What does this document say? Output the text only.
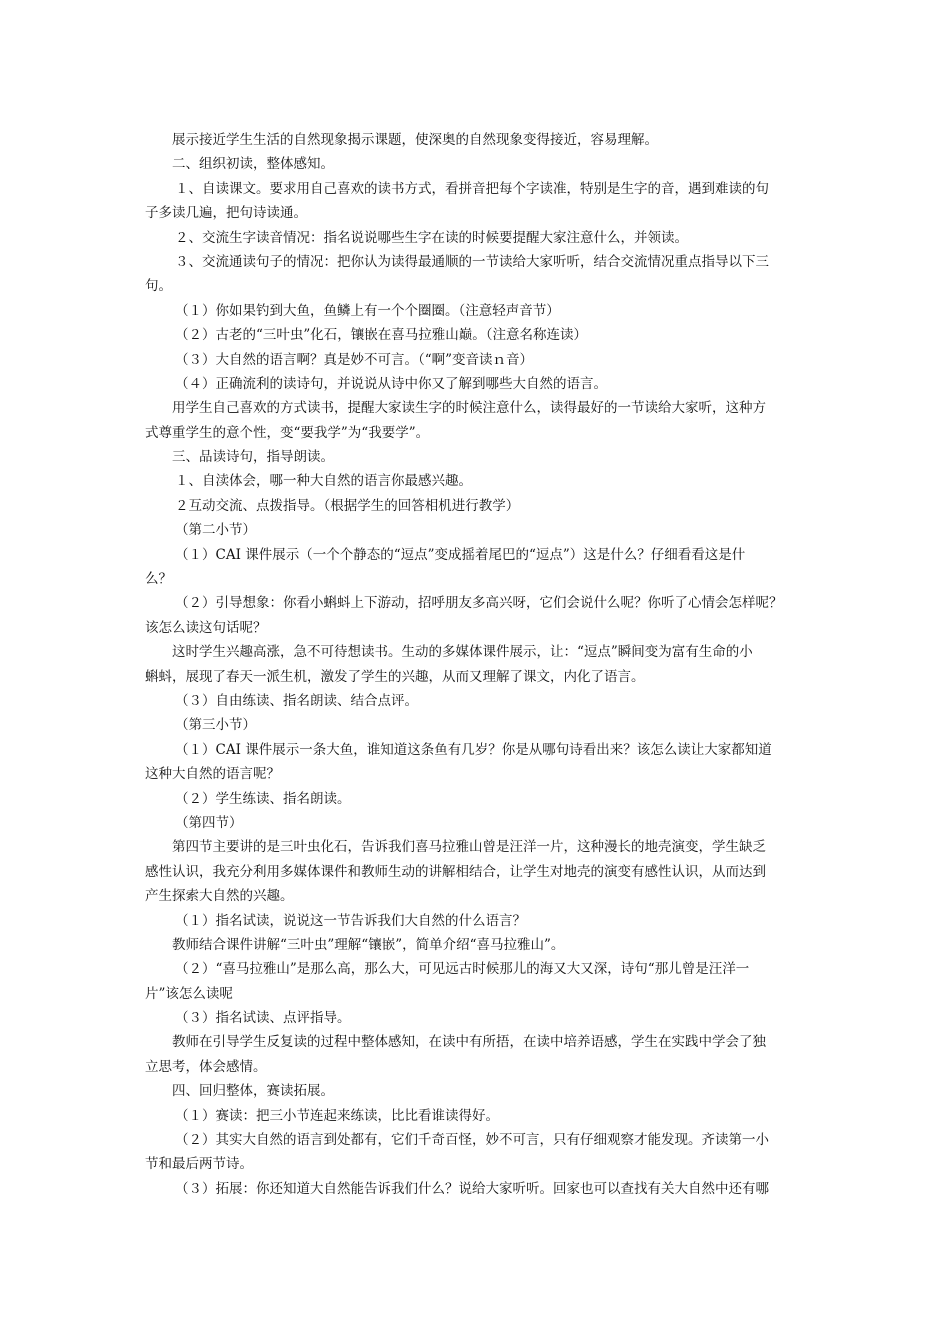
展示接近学生生活的自然现象揭示课题，使深奥的自然现象变得接近，容易理解。
二、组织初读，整体感知。
１、自读课文。要求用自己喜欢的读书方式，看拼音把每个字读准，特别是生字的音，遇到难读的句
子多读几遍，把句诗读通。
２、交流生字读音情况：指名说说哪些生字在读的时候要提醒大家注意什么，并领读。
３、交流通读句子的情况：把你认为读得最通顺的一节读给大家听听，结合交流情况重点指导以下三
句。
（１）你如果钓到大鱼，鱼鳞上有一个个圈圈。（注意轻声音节）
（２）古老的“三叶虫”化石，镶嵌在喜马拉雅山巅。（注意名称连读）
（３）大自然的语言啊？真是妙不可言。（“啊”变音读ｎ音）
（４）正确流利的读诗句，并说说从诗中你又了解到哪些大自然的语言。
用学生自己喜欢的方式读书，提醒大家读生字的时候注意什么，读得最好的一节读给大家听，这种方
式尊重学生的意个性，变“要我学”为“我要学”。
三、品读诗句，指导朗读。
１、自渎体会，哪一种大自然的语言你最感兴趣。
２互动交流、点拨指导。（根据学生的回答相机进行教学）
（第二小节）
（１）CAI 课件展示（一个个静态的“逗点”变成摇着尾巴的“逗点”）这是什么？仔细看看这是什
么？
（２）引导想象：你看小蝌蚪上下游动，招呼朋友多高兴呀，它们会说什么呢？你听了心情会怎样呢？
该怎么读这句话呢？
这时学生兴趣高涨，急不可待想读书。生动的多媒体课件展示，让：“逗点”瞬间变为富有生命的小
蝌蚪，展现了春天一派生机，激发了学生的兴趣，从而又理解了课文，内化了语言。
（３）自由练读、指名朗读、结合点评。
（第三小节）
（１）CAI 课件展示一条大鱼，谁知道这条鱼有几岁？你是从哪句诗看出来？该怎么读让大家都知道
这种大自然的语言呢？
（２）学生练读、指名朗读。
（第四节）
第四节主要讲的是三叶虫化石，告诉我们喜马拉雅山曾是汪洋一片，这种漫长的地壳演变，学生缺乏
感性认识，我充分利用多媒体课件和教师生动的讲解相结合，让学生对地壳的演变有感性认识，从而达到
产生探索大自然的兴趣。
（１）指名试读，说说这一节告诉我们大自然的什么语言？
教师结合课件讲解“三叶虫”理解“镶嵌”，简单介绍“喜马拉雅山”。
（２）“喜马拉雅山”是那么高，那么大，可见远古时候那儿的海又大又深，诗句“那儿曾是汪洋一
片”该怎么读呢
（３）指名试读、点评指导。
教师在引导学生反复读的过程中整体感知，在读中有所捂，在读中培养语感，学生在实践中学会了独
立思考，体会感情。
四、回归整体，赛读拓展。
（１）赛读：把三小节连起来练读，比比看谁读得好。
（２）其实大自然的语言到处都有，它们千奇百怪，妙不可言，只有仔细观察才能发现。齐读第一小
节和最后两节诗。
（３）拓展：你还知道大自然能告诉我们什么？说给大家听听。回家也可以查找有关大自然中还有哪
